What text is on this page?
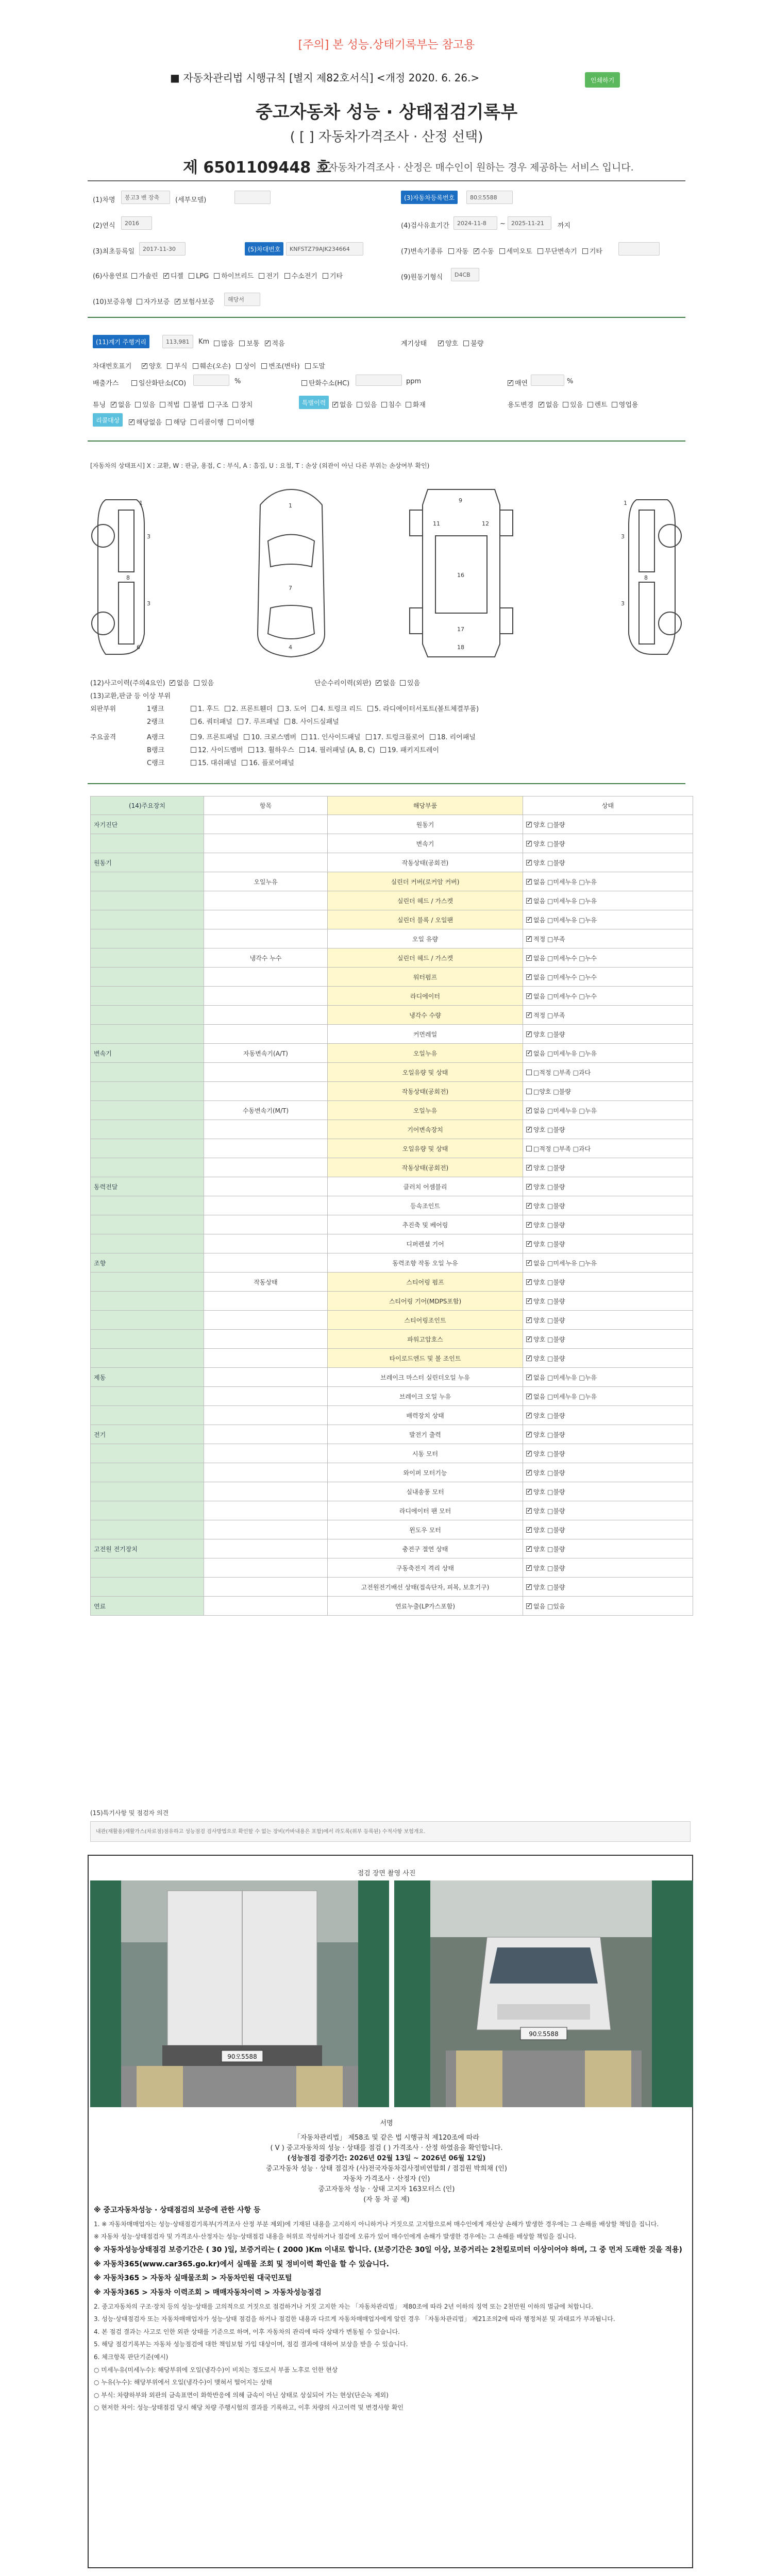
[주의] 본 성능.상태기록부는 참고용
■ 자동차관리법 시행규칙 [별지 제82호서식] <개정 2020. 6. 26.>	인쇄하기
중고자동차 성능 · 상태점검기록부
( [ ] 자동차가격조사 · 산정 선택)
제 6501109448 호
※ 자동차가격조사 · 산정은 매수인이 원하는 경우 제공하는 서비스 입니다.
(1)차명	봉고3 밴 장축	(세부모델)
(2)연식	2016
(3)최초등록일	2017-11-30	(5)차대번호	KNFSTZ79AJK234664
(6)사용연료	가솔린 ✓ 디젤 LPG 하이브리드 전기 수소전기 기타
(10)보증유형	자가보증 ✓ 보험사보증	해당서
(3)자동차등록번호	80오5588
(4)검사유효기간	2024-11-8	~	2025-11-21	까지
(7)변속기종류	자동 ✓ 수동 세미오토 무단변속기 기타
(9)원동기형식	D4CB
(11)계기 주행거리	113,981	Km	많음 보통 ✓ 적음	계기상태 ✓	양호 불량
차대번호표기 ✓	양호 부식 훼손(오손) 상이 변조(변타) 도말
배출가스	일산화탄소(CO)	%	탄화수소(HC)	ppm ✓	매연	%
튜닝 ✓	없음 있음 적법 불법 구조 장치	특별이력 ✓	없음 있음 침수 화재	용도변경 ✓	없음 있음 렌트 영업용
리콜대상 ✓	해당없음 해당 리콜이행 미이행
[자동차의 상태표시] X : 교환, W : 판금, 용접, C : 부식, A : 흠집, U : 요철, T : 손상 (외관이 아닌 다른 부위는 손상여부 확인)
1
3
3
6
8
1
7
4
9
11	12
16
17
18
1
3
3
8
(12)사고이력(주의4요인) ✓ 없음 있음	단순수리이력(외판) ✓ 없음 있음
(13)교환,판금 등 이상 부위
외판부위	1랭크	1. 후드 2. 프론트휀더 3. 도어 4. 트렁크 리드 5. 라디에이터서포트(볼트체결부품)
2랭크	6. 쿼터패널 7. 루프패널 8. 사이드실패널
주요골격	A랭크	9. 프론트패널 10. 크로스멤버 11. 인사이드패널 17. 트렁크플로어 18. 리어패널
B랭크	12. 사이드멤버 13. 휠하우스 14. 필러패널 (A, B, C) 19. 패키지트레이
C랭크	15. 대쉬패널 16. 플로어패널
(14)주요장치	항목	해당부품	상태
자기진단		원동기	✓양호 □불량
		변속기	✓양호 □불량
원동기		작동상태(공회전)	✓양호 □불량
	오일누유	실린더 커버(로커암 커버)	✓없음 □미세누유 □누유
		실린더 헤드 / 가스켓	✓없음 □미세누유 □누유
		실린더 블록 / 오일팬	✓없음 □미세누유 □누유
		오일 유량	✓적정 □부족
	냉각수 누수	실린더 헤드 / 가스켓	✓없음 □미세누수 □누수
		워터펌프	✓없음 □미세누수 □누수
		라디에이터	✓없음 □미세누수 □누수
		냉각수 수량	✓적정 □부족
		커먼레일	✓양호 □불량
변속기	자동변속기(A/T)	오일누유	✓없음 □미세누유 □누유
		오일유량 및 상태	□적정 □부족 □과다
		작동상태(공회전)	□양호 □불량
	수동변속기(M/T)	오일누유	✓없음 □미세누유 □누유
		기어변속장치	✓양호 □불량
		오일유량 및 상태	□적정 □부족 □과다
		작동상태(공회전)	✓양호 □불량
동력전달		클러치 어셈블리	✓양호 □불량
		등속조인트	✓양호 □불량
		추진축 및 베어링	✓양호 □불량
		디퍼렌셜 기어	✓양호 □불량
조향		동력조향 작동 오일 누유	✓없음 □미세누유 □누유
	작동상태	스티어링 펌프	✓양호 □불량
		스티어링 기어(MDPS포함)	✓양호 □불량
		스티어링조인트	✓양호 □불량
		파워고압호스	✓양호 □불량
		타이로드엔드 및 볼 조인트	✓양호 □불량
제동		브레이크 마스터 실린더오일 누유	✓없음 □미세누유 □누유
		브레이크 오일 누유	✓없음 □미세누유 □누유
		배력장치 상태	✓양호 □불량
전기		발전기 출력	✓양호 □불량
		시동 모터	✓양호 □불량
		와이퍼 모터기능	✓양호 □불량
		실내송풍 모터	✓양호 □불량
		라디에이터 팬 모터	✓양호 □불량
		윈도우 모터	✓양호 □불량
고전원 전기장치		충전구 절연 상태	✓양호 □불량
		구동축전지 격리 상태	✓양호 □불량
		고전원전기배선 상태(접속단자, 피복, 보호기구)	✓양호 □불량
연료		연료누출(LP가스포함)	✓없음 □있음
(15)특기사항 및 점검자 의견
내관(재활용)재활가스(차료점)점유하고 성능점검 검사방법으로 확인할 수 없는 장비(카바내용은 포함)에서 라도록(위부 등록된) 수적사항 보험개요.
점검 장면 촬영 사진
90오5588
90오5588
서명
「자동차관리법」 제58조 및 같은 법 시행규칙 제120조에 따라
( V ) 중고자동차의 성능 · 상태를 점검 ( ) 가격조사 · 산정 하였음을 확인합니다.
(성능점검 검증기간: 2026년 02월 13일 ~ 2026년 06월 12일)
중고자동차 성능 · 상태 점검자 (사)전국자동차검사정비연합회 / 점검원 박희채 (인)
자동차 가격조사 · 산정자 (인)
중고자동차 성능 · 상태 고지자 163모터스 (인)
(자 동 차 공 제)

※ 중고자동차성능 · 상태점검의 보증에 관한 사항 등

1. ※ 자동차매매업자는 성능·상태점검기록부(가격조사 산정 부분 제외)에 기재된 내용을 고지하지 아니하거나 거짓으로 고지함으로써 매수인에게 재산상 손해가 발생한 경우에는 그 손해를 배상할 책임을 집니다.

※ 자동차 성능·상태점검자 및 가격조사·산정자는 성능·상태점검 내용을 허위로 작성하거나 점검에 오류가 있어 매수인에게 손해가 발생한 경우에는 그 손해를 배상할 책임을 집니다.

※ 자동차성능상태점검 보증기간은 ( 30 )일, 보증거리는 ( 2000 )Km 이내로 합니다. (보증기간은 30일 이상, 보증거리는 2천킬로미터 이상이어야 하며, 그 중 먼저 도래한 것을 적용)

※ 자동차365(www.car365.go.kr)에서 실매물 조회 및 정비이력 확인을 할 수 있습니다.

※ 자동차365 > 자동차 실매물조회 > 자동차민원 대국민포털

※ 자동차365 > 자동차 이력조회 > 매매자동차이력 > 자동차성능점검

2. 중고자동차의 구조·장치 등의 성능·상태를 고의적으로 거짓으로 점검하거나 거짓 고지한 자는 「자동차관리법」 제80조에 따라 2년 이하의 징역 또는 2천만원 이하의 벌금에 처합니다.

3. 성능·상태점검자 또는 자동차매매업자가 성능·상태 점검을 하거나 점검한 내용과 다르게 자동차매매업자에게 알린 경우 「자동차관리법」 제21조의2에 따라 행정처분 및 과태료가 부과됩니다.

4. 본 점검 결과는 사고로 인한 외관 상태를 기준으로 하며, 이후 자동차의 관리에 따라 상태가 변동될 수 있습니다.

5. 해당 점검기록부는 자동차 성능점검에 대한 책임보험 가입 대상이며, 점검 결과에 대하여 보상을 받을 수 있습니다.

6. 체크항목 판단기준(예시)

○ 미세누유(미세누수): 해당부위에 오일(냉각수)이 비치는 정도로서 부품 노후로 인한 현상

○ 누유(누수): 해당부위에서 오일(냉각수)이 맺혀서 떨어지는 상태

○ 부식: 차량하부와 외판의 금속표면이 화학반응에 의해 금속이 아닌 상태로 상실되어 가는 현상(단순녹 제외)

○ 현저한 차이: 성능·상태점검 당시 해당 차량 주행시험의 결과를 기록하고, 이후 차량의 사고이력 및 변경사항 확인
